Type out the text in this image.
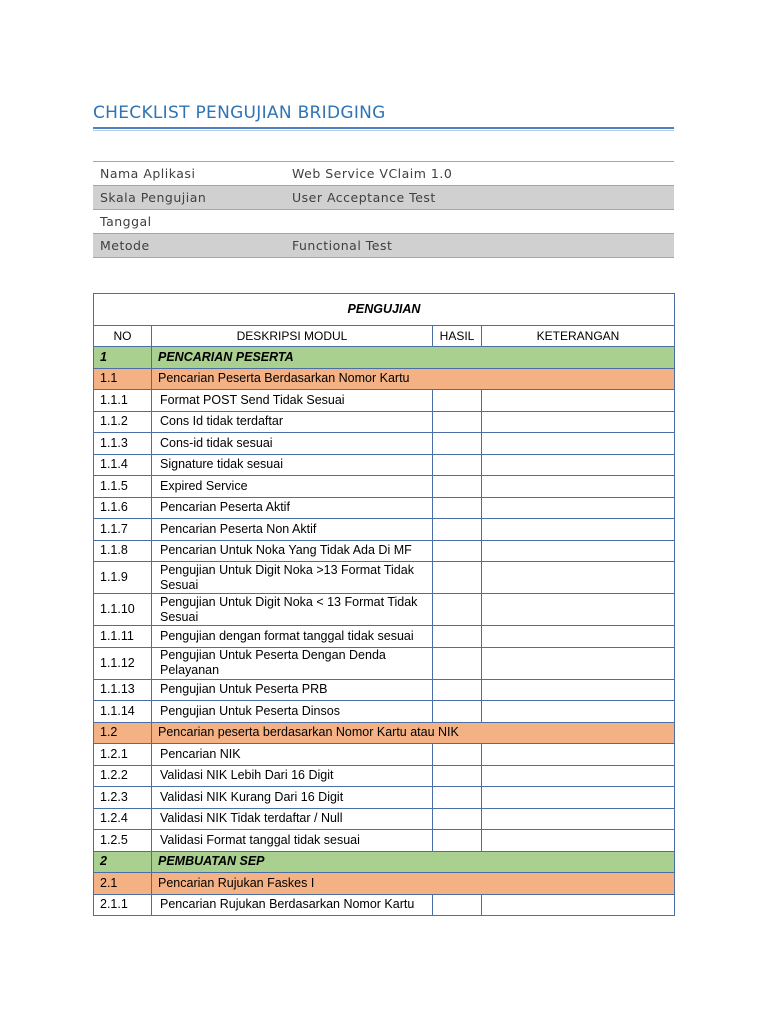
CHECKLIST PENGUJIAN BRIDGING
Nama Aplikasi	Web Service VClaim 1.0
Skala Pengujian	User Acceptance Test
Tanggal	
Metode	Functional Test
PENGUJIAN			
NO	DESKRIPSI MODUL	HASIL	KETERANGAN
1	PENCARIAN PESERTA		
1.1	Pencarian Peserta Berdasarkan Nomor Kartu		
1.1.1	Format POST Send Tidak Sesuai		
1.1.2	Cons Id tidak terdaftar		
1.1.3	Cons-id tidak sesuai		
1.1.4	Signature tidak sesuai		
1.1.5	Expired Service		
1.1.6	Pencarian Peserta Aktif		
1.1.7	Pencarian Peserta Non Aktif		
1.1.8	Pencarian Untuk Noka Yang Tidak Ada Di MF		
1.1.9	Pengujian Untuk Digit Noka >13 Format Tidak Sesuai		
1.1.10	Pengujian Untuk Digit Noka < 13 Format Tidak Sesuai		
1.1.11	Pengujian dengan format tanggal tidak sesuai		
1.1.12	Pengujian Untuk Peserta Dengan Denda Pelayanan		
1.1.13	Pengujian Untuk Peserta PRB		
1.1.14	Pengujian Untuk Peserta Dinsos		
1.2	Pencarian peserta berdasarkan Nomor Kartu atau NIK		
1.2.1	Pencarian NIK		
1.2.2	Validasi NIK Lebih Dari 16 Digit		
1.2.3	Validasi NIK Kurang Dari 16 Digit		
1.2.4	Validasi NIK Tidak terdaftar / Null		
1.2.5	Validasi Format tanggal tidak sesuai		
2	PEMBUATAN SEP		
2.1	Pencarian Rujukan Faskes I		
2.1.1	Pencarian Rujukan Berdasarkan Nomor Kartu		
